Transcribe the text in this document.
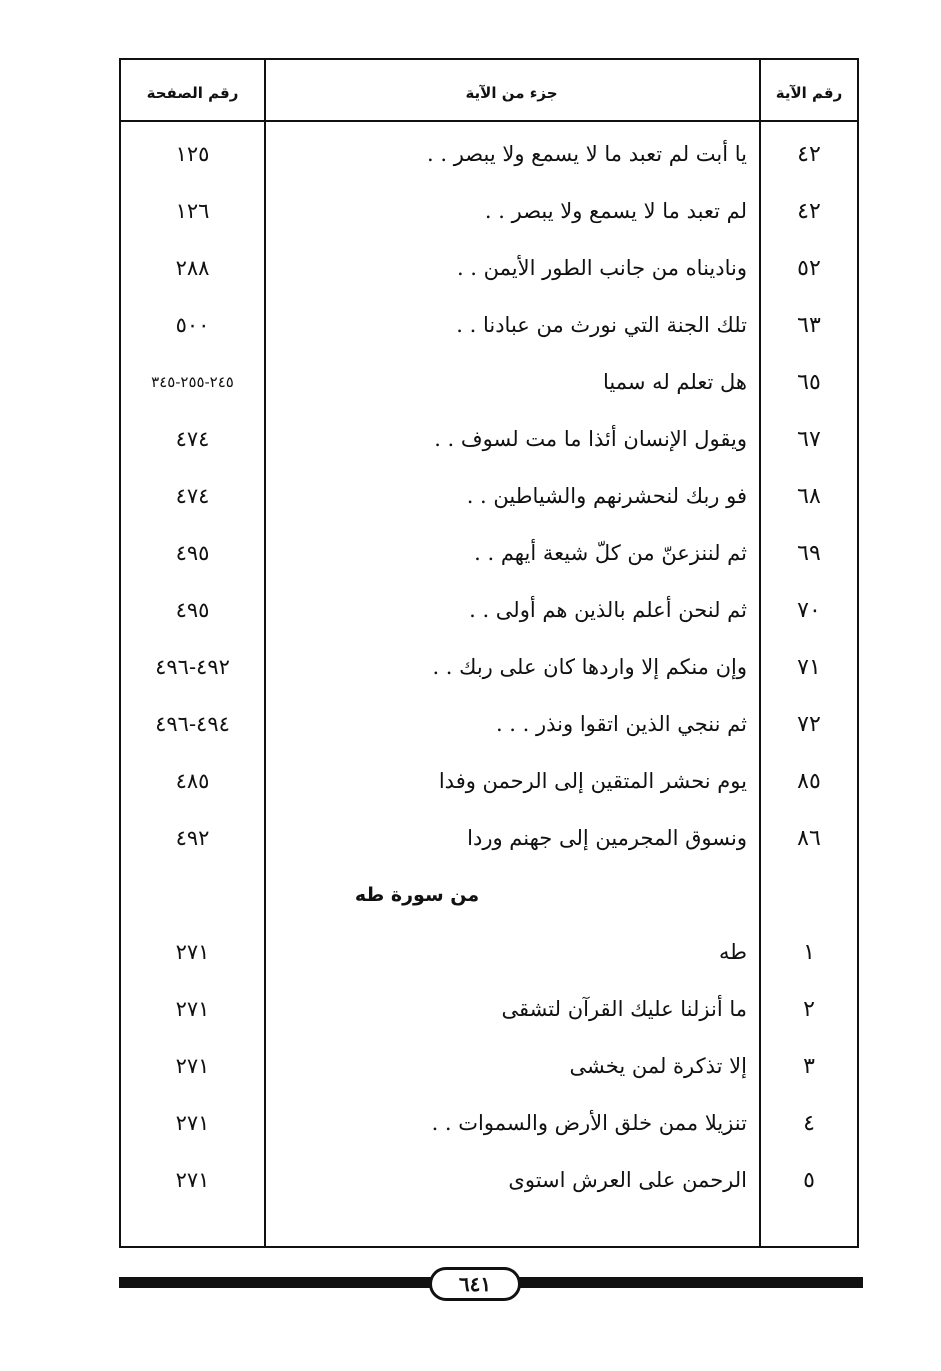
رقم الآية
جزء من الآية
رقم الصفحة
٤٢
يا أبت لم تعبد ما لا يسمع ولا يبصر . .
١٢٥
٤٢
لم تعبد ما لا يسمع ولا يبصر . .
١٢٦
٥٢
وناديناه من جانب الطور الأيمن . .
٢٨٨
٦٣
تلك الجنة التي نورث من عبادنا . .
٥٠٠
٦٥
هل تعلم له سميا
٢٤٥-٢٥٥-٣٤٥
٦٧
ويقول الإنسان أئذا ما مت لسوف . .
٤٧٤
٦٨
فو ربك لنحشرنهم والشياطين . .
٤٧٤
٦٩
ثم لننزعنّ من كلّ شيعة أيهم . .
٤٩٥
٧٠
ثم لنحن أعلم بالذين هم أولى . .
٤٩٥
٧١
وإن منكم إلا واردها كان على ربك . .
٤٩٢-٤٩٦
٧٢
ثم ننجي الذين اتقوا ونذر . . .
٤٩٤-٤٩٦
٨٥
يوم نحشر المتقين إلى الرحمن وفدا
٤٨٥
٨٦
ونسوق المجرمين إلى جهنم وردا
٤٩٢
من سورة طه
١
طه
٢٧١
٢
ما أنزلنا عليك القرآن لتشقى
٢٧١
٣
إلا تذكرة لمن يخشى
٢٧١
٤
تنزيلا ممن خلق الأرض والسموات . .
٢٧١
٥
الرحمن على العرش استوى
٢٧١
٦٤١
